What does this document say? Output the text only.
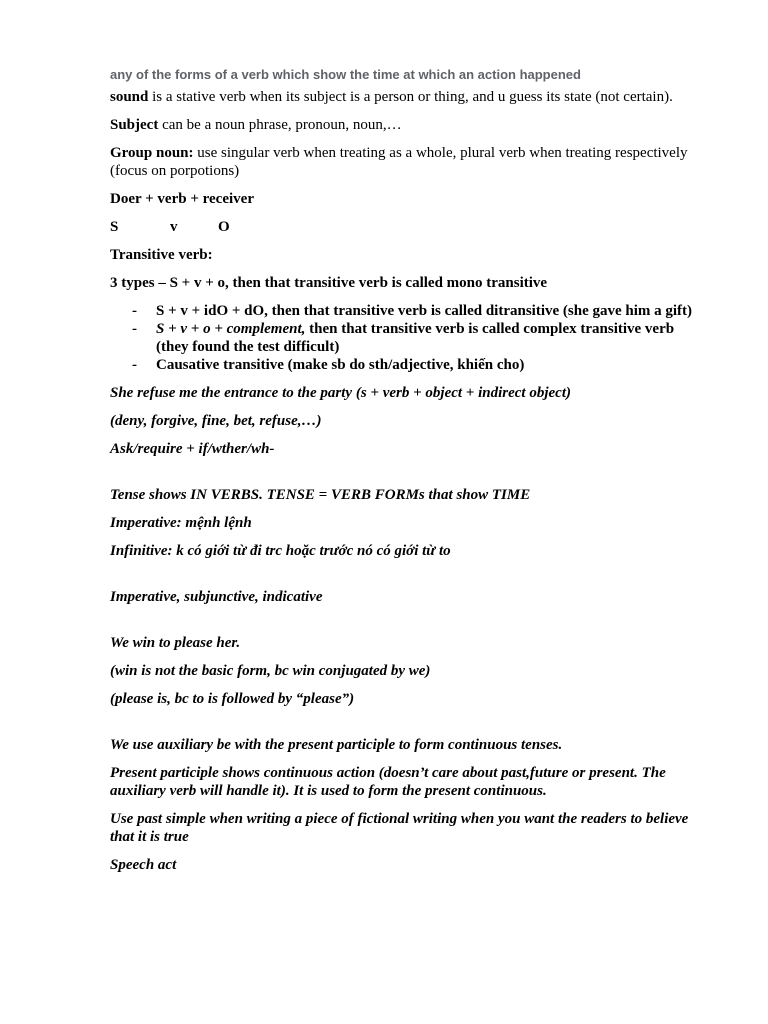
any of the forms of a verb which show the time at which an action happened

sound is a stative verb when its subject is a person or thing, and u guess its state (not certain).

Subject can be a noun phrase, pronoun, noun,…

Group noun: use singular verb when treating as a whole, plural verb when treating respectively (focus on porpotions)

Doer + verb + receiver

S	v	O

Transitive verb:

3 types – S + v + o, then that transitive verb is called mono transitive

- S + v + idO + dO, then that transitive verb is called ditransitive (she gave him a gift)
- S + v + o + complement, then that transitive verb is called complex transitive verb (they found the test difficult)
- Causative transitive (make sb do sth/adjective, khiến cho)

She refuse me the entrance to the party (s + verb + object + indirect object)

(deny, forgive, fine, bet, refuse,…)

Ask/require + if/wther/wh-

Tense shows IN VERBS. TENSE = VERB FORMs that show TIME

Imperative: mệnh lệnh

Infinitive: k có giới từ đi trc hoặc trước nó có giới từ to

Imperative, subjunctive, indicative

We win to please her.

(win is not the basic form, bc win conjugated by we)

(please is, bc to is followed by “please”)

We use auxiliary be with the present participle to form continuous tenses.

Present participle shows continuous action (doesn’t care about past,future or present. The auxiliary verb will handle it). It is used to form the present continuous.

Use past simple when writing a piece of fictional writing when you want the readers to believe that it is true

Speech act
